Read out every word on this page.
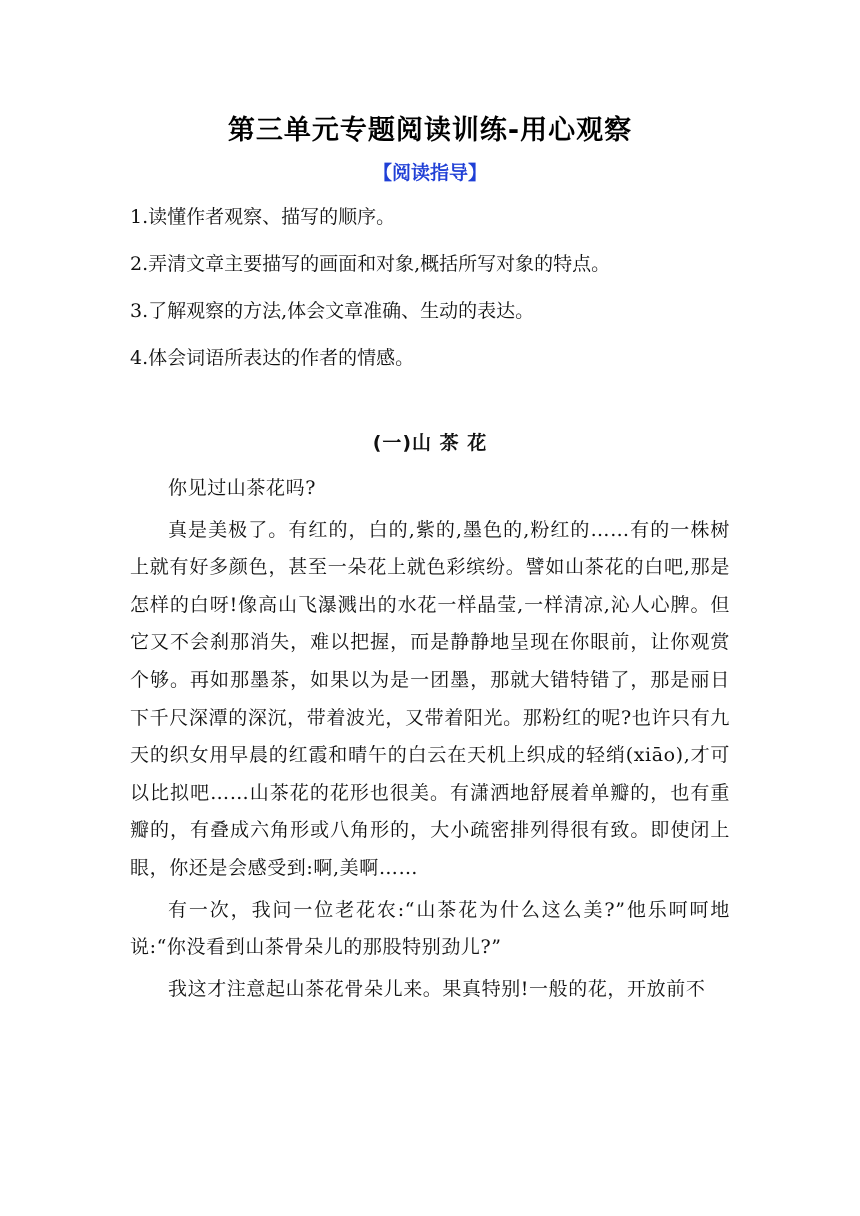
第三单元专题阅读训练-用心观察
【阅读指导】
1.读懂作者观察、描写的顺序。
2.弄清文章主要描写的画面和对象,概括所写对象的特点。
3.了解观察的方法,体会文章准确、生动的表达。
4.体会词语所表达的作者的情感。
(一)山 茶 花

你见过山茶花吗?

真是美极了。有红的，白的,紫的,墨色的,粉红的……有的一株树上就有好多颜色，甚至一朵花上就色彩缤纷。譬如山茶花的白吧,那是怎样的白呀!像高山飞瀑溅出的水花一样晶莹,一样清凉,沁人心脾。但它又不会刹那消失，难以把握，而是静静地呈现在你眼前，让你观赏个够。再如那墨茶，如果以为是一团墨，那就大错特错了，那是丽日下千尺深潭的深沉，带着波光，又带着阳光。那粉红的呢?也许只有九天的织女用早晨的红霞和晴午的白云在天机上织成的轻绡(xiāo),才可以比拟吧……山茶花的花形也很美。有潇洒地舒展着单瓣的，也有重瓣的，有叠成六角形或八角形的，大小疏密排列得很有致。即使闭上眼，你还是会感受到:啊,美啊……

有一次，我问一位老花农:“山茶花为什么这么美?”他乐呵呵地说:“你没看到山茶骨朵儿的那股特别劲儿?”

我这才注意起山茶花骨朵儿来。果真特别!一般的花，开放前不
